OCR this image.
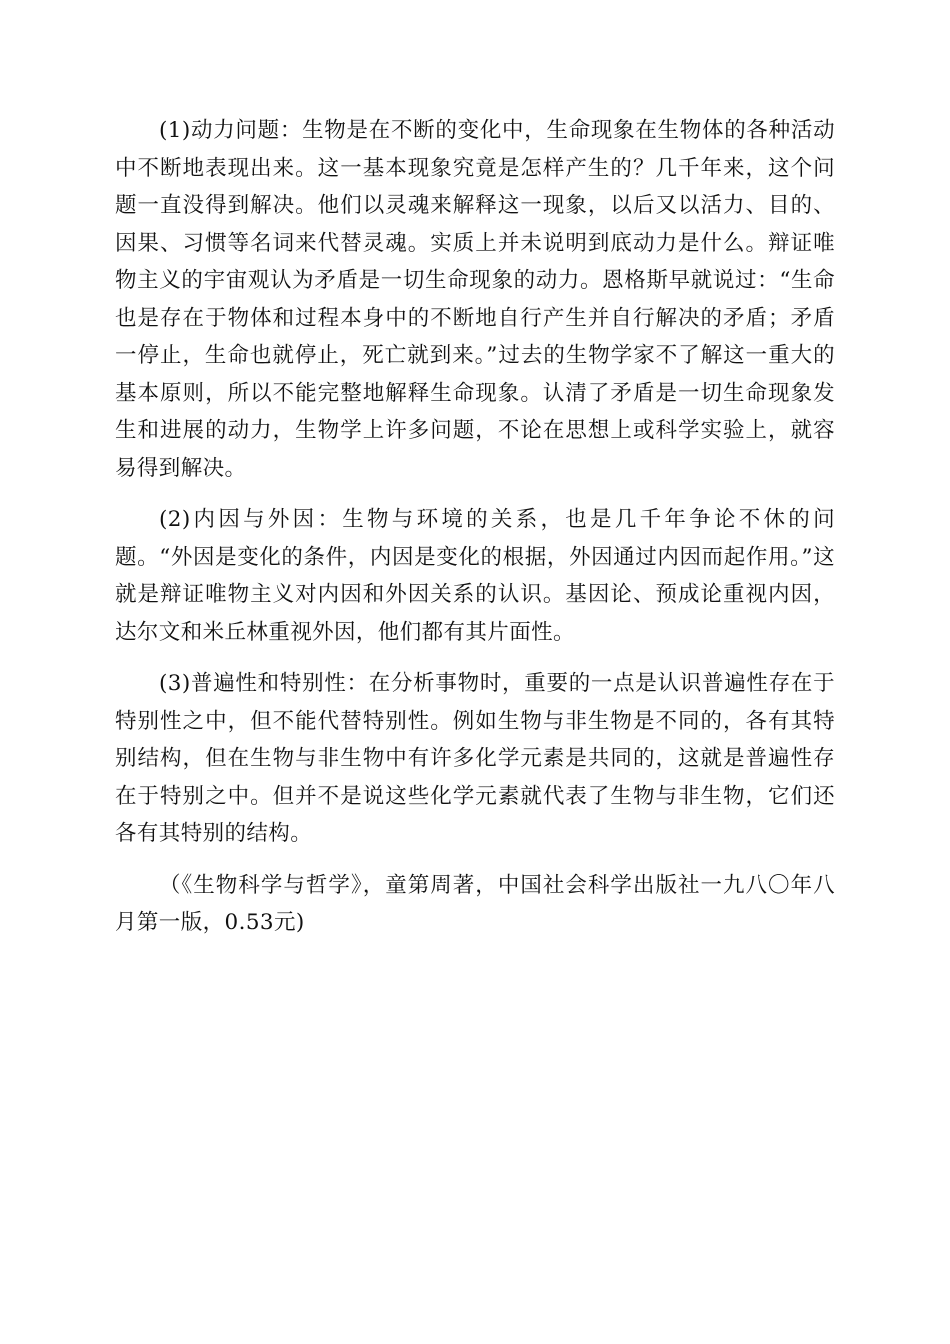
(1)动力问题：生物是在不断的变化中，生命现象在生物体的各种活动中不断地表现出来。这一基本现象究竟是怎样产生的？几千年来，这个问题一直没得到解决。他们以灵魂来解释这一现象，以后又以活力、目的、因果、习惯等名词来代替灵魂。实质上并未说明到底动力是什么。辩证唯物主义的宇宙观认为矛盾是一切生命现象的动力。恩格斯早就说过：“生命也是存在于物体和过程本身中的不断地自行产生并自行解决的矛盾；矛盾一停止，生命也就停止，死亡就到来。”过去的生物学家不了解这一重大的基本原则，所以不能完整地解释生命现象。认清了矛盾是一切生命现象发生和进展的动力，生物学上许多问题，不论在思想上或科学实验上，就容易得到解决。

(2)内因与外因：生物与环境的关系，也是几千年争论不休的问题。“外因是变化的条件，内因是变化的根据，外因通过内因而起作用。”这就是辩证唯物主义对内因和外因关系的认识。基因论、预成论重视内因，达尔文和米丘林重视外因，他们都有其片面性。

(3)普遍性和特别性：在分析事物时，重要的一点是认识普遍性存在于特别性之中，但不能代替特别性。例如生物与非生物是不同的，各有其特别结构，但在生物与非生物中有许多化学元素是共同的，这就是普遍性存在于特别之中。但并不是说这些化学元素就代表了生物与非生物，它们还各有其特别的结构。

（《生物科学与哲学》，童第周著，中国社会科学出版社一九八〇年八月第一版，0.53元)
